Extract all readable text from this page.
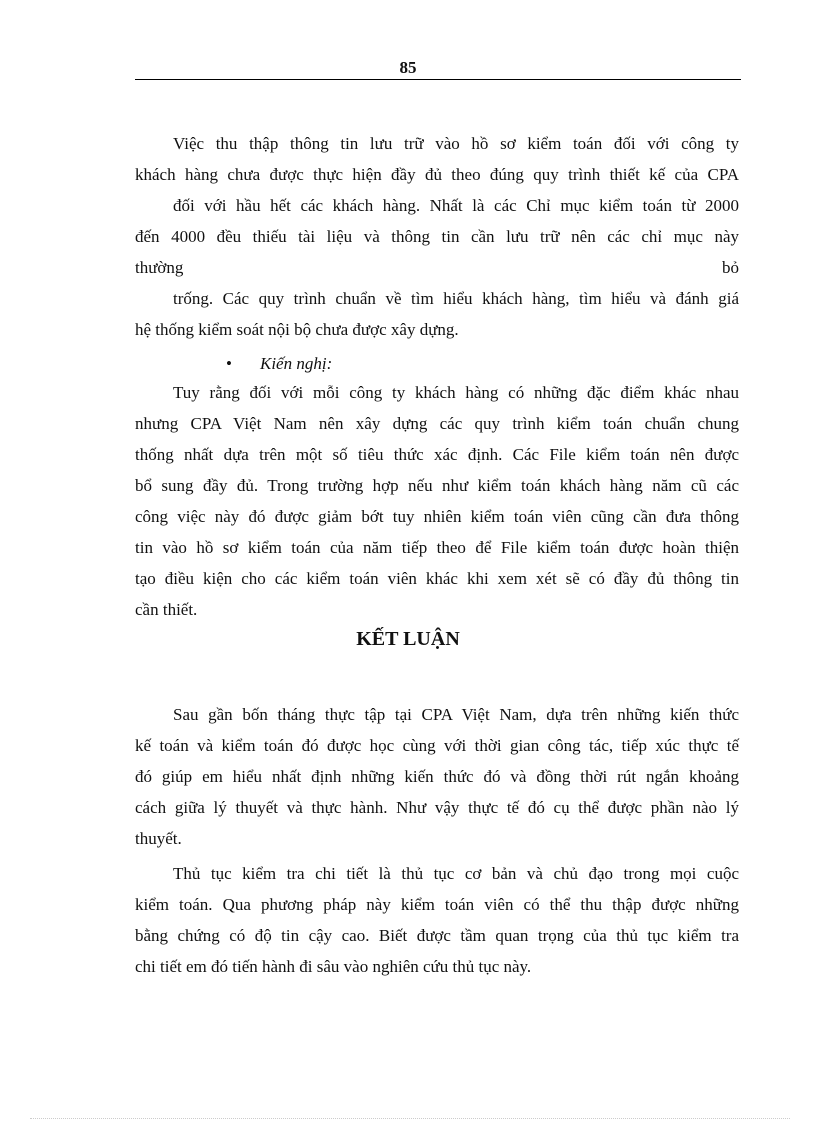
85
Việc thu thập thông tin lưu trữ vào hồ sơ kiểm toán đối với công ty
khách hàng chưa được thực hiện đầy đủ theo đúng quy trình thiết kế của CPA
đối với hầu hết các khách hàng. Nhất là các Chỉ mục kiểm toán từ 2000
đến 4000 đều thiếu tài liệu và thông tin cần lưu trữ nên các chỉ mục này
thường	bỏ
trống. Các quy trình chuẩn về tìm hiểu khách hàng, tìm hiểu và đánh giá
hệ thống kiểm soát nội bộ chưa được xây dựng.
• Kiến nghị:
Tuy rằng đối với mỗi công ty khách hàng có những đặc điểm khác nhau
nhưng CPA Việt Nam nên xây dựng các quy trình kiểm toán chuẩn chung
thống nhất dựa trên một số tiêu thức xác định. Các File kiểm toán nên được
bổ sung đầy đủ. Trong trường hợp nếu như kiểm toán khách hàng năm cũ các
công việc này đó được giảm bớt tuy nhiên kiểm toán viên cũng cần đưa thông
tin vào hồ sơ kiểm toán của năm tiếp theo để File kiểm toán được hoàn thiện
tạo điều kiện cho các kiểm toán viên khác khi xem xét sẽ có đầy đủ thông tin
cần thiết.
KẾT LUẬN
Sau gần bốn tháng thực tập tại CPA Việt Nam, dựa trên những kiến thức
kế toán và kiểm toán đó được học cùng với thời gian công tác, tiếp xúc thực tế
đó giúp em hiểu nhất định những kiến thức đó và đồng thời rút ngắn khoảng
cách giữa lý thuyết và thực hành. Như vậy thực tế đó cụ thể được phần nào lý
thuyết.
Thủ tục kiểm tra chi tiết là thủ tục cơ bản và chủ đạo trong mọi cuộc
kiểm toán. Qua phương pháp này kiểm toán viên có thể thu thập được những
bằng chứng có độ tin cậy cao. Biết được tầm quan trọng của thủ tục kiểm tra
chi tiết em đó tiến hành đi sâu vào nghiên cứu thủ tục này.
